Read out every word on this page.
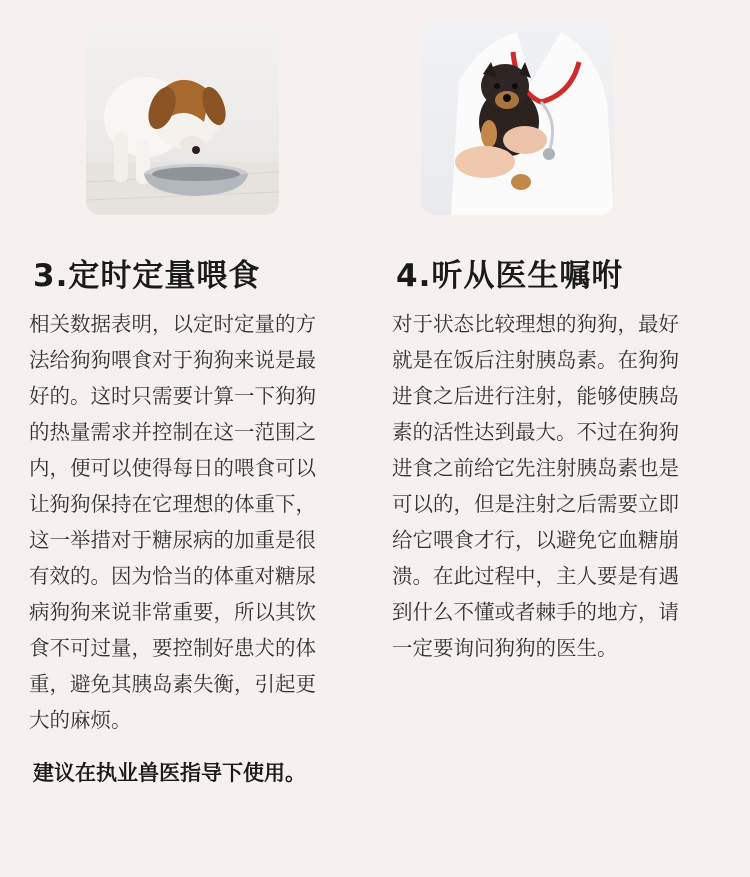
3.定时定量喂食
相关数据表明，以定时定量的方
法给狗狗喂食对于狗狗来说是最
好的。这时只需要计算一下狗狗
的热量需求并控制在这一范围之
内，便可以使得每日的喂食可以
让狗狗保持在它理想的体重下，
这一举措对于糖尿病的加重是很
有效的。因为恰当的体重对糖尿
病狗狗来说非常重要，所以其饮
食不可过量，要控制好患犬的体
重，避免其胰岛素失衡，引起更
大的麻烦。
4.听从医生嘱咐
对于状态比较理想的狗狗，最好
就是在饭后注射胰岛素。在狗狗
进食之后进行注射，能够使胰岛
素的活性达到最大。不过在狗狗
进食之前给它先注射胰岛素也是
可以的，但是注射之后需要立即
给它喂食才行，以避免它血糖崩
溃。在此过程中，主人要是有遇
到什么不懂或者棘手的地方，请
一定要询问狗狗的医生。

建议在执业兽医指导下使用。
